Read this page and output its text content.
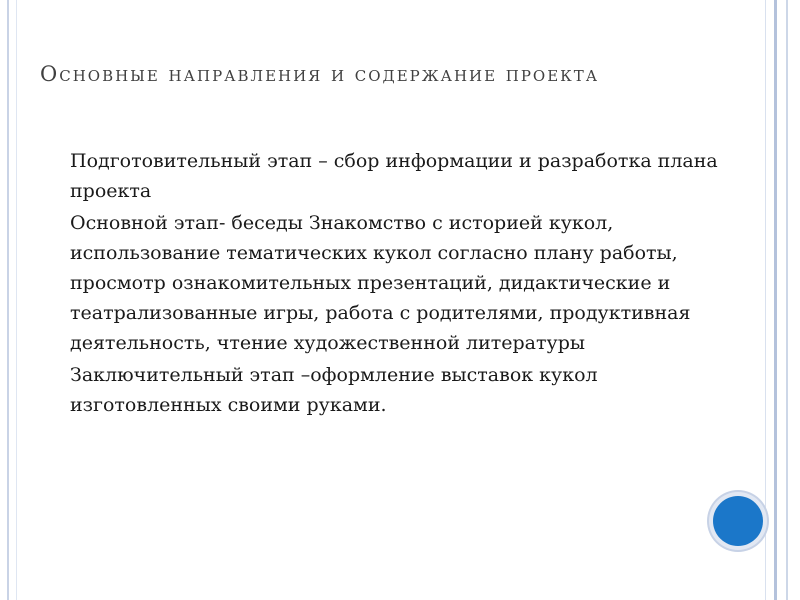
Основные направления и содержание проекта
Подготовительный этап – сбор информации и разработка плана проекта
Основной этап- беседы Знакомство с историей кукол, использование тематических кукол согласно плану работы, просмотр ознакомительных презентаций, дидактические и театрализованные игры, работа с родителями, продуктивная деятельность, чтение художественной литературы
Заключительный этап –оформление выставок кукол изготовленных своими руками.
